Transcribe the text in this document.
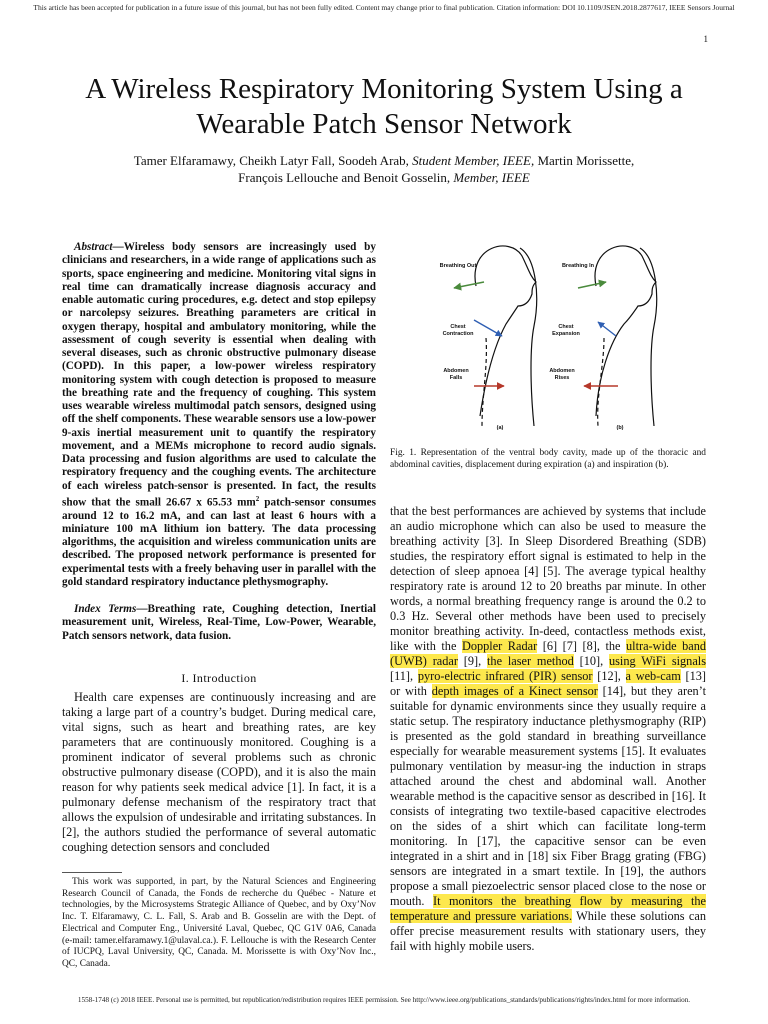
This article has been accepted for publication in a future issue of this journal, but has not been fully edited. Content may change prior to final publication. Citation information: DOI 10.1109/JSEN.2018.2877617, IEEE Sensors Journal
1
A Wireless Respiratory Monitoring System Using a Wearable Patch Sensor Network
Tamer Elfaramawy, Cheikh Latyr Fall, Soodeh Arab, Student Member, IEEE, Martin Morissette,
François Lellouche and Benoit Gosselin, Member, IEEE

Abstract—Wireless body sensors are increasingly used by clinicians and researchers, in a wide range of applications such as sports, space engineering and medicine. Monitoring vital signs in real time can dramatically increase diagnosis accuracy and enable automatic curing procedures, e.g. detect and stop epilepsy or narcolepsy seizures. Breathing parameters are critical in oxygen therapy, hospital and ambulatory monitoring, while the assessment of cough severity is essential when dealing with several diseases, such as chronic obstructive pulmonary disease (COPD). In this paper, a low-power wireless respiratory monitoring system with cough detection is proposed to measure the breathing rate and the frequency of coughing. This system uses wearable wireless multimodal patch sensors, designed using off the shelf components. These wearable sensors use a low-power 9-axis inertial measurement unit to quantify the respiratory movement, and a MEMs microphone to record audio signals. Data processing and fusion algorithms are used to calculate the respiratory frequency and the coughing events. The architecture of each wireless patch-sensor is presented. In fact, the results show that the small 26.67 x 65.53 $mm^2$ patch-sensor consumes around 12 to 16.2 mA, and can last at least 6 hours with a miniature 100 mA lithium ion battery. The data processing algorithms, the acquisition and wireless communication units are described. The proposed network performance is presented for experimental tests with a freely behaving user in parallel with the gold standard respiratory inductance plethysmography.

Index Terms—Breathing rate, Coughing detection, Inertial measurement unit, Wireless, Real-Time, Low-Power, Wearable, Patch sensors network, data fusion.

I. Introduction

Health care expenses are continuously increasing and are taking a large part of a country’s budget. During medical care, vital signs, such as heart and breathing rates, are key parameters that are continuously monitored. Coughing is a prominent indicator of several problems such as chronic obstructive pulmonary disease (COPD), and it is also the main reason for why patients seek medical advice [1]. In fact, it is a pulmonary defense mechanism of the respiratory tract that allows the expulsion of undesirable and irritating substances. In [2], the authors studied the performance of several automatic coughing detection sensors and concluded

This work was supported, in part, by the Natural Sciences and Engineering Research Council of Canada, the Fonds de recherche du Québec - Nature et technologies, by the Microsystems Strategic Alliance of Quebec, and by Oxy’Nov Inc. T. Elfaramawy, C. L. Fall, S. Arab and B. Gosselin are with the Dept. of Electrical and Computer Eng., Université Laval, Quebec, QC G1V 0A6, Canada (e-mail: tamer.elfaramawy.1@ulaval.ca.). F. Lellouche is with the Research Center of IUCPQ, Laval University, QC, Canada. M. Morissette is with Oxy’Nov Inc., QC, Canada.
Breathing Out	Breathing In
Chest
Contraction
Chest
Expansion
Abdomen
Falls
Abdomen
Rises
(a)	(b)
Fig. 1. Representation of the ventral body cavity, made up of the thoracic and abdominal cavities, displacement during expiration (a) and inspiration (b).

that the best performances are achieved by systems that include an audio microphone which can also be used to measure the breathing activity [3]. In Sleep Disordered Breathing (SDB) studies, the respiratory effort signal is estimated to help in the detection of sleep apnoea [4] [5]. The average typical healthy respiratory rate is around 12 to 20 breaths par minute. In other words, a normal breathing frequency range is around the 0.2 to 0.3 Hz. Several other methods have been used to precisely monitor breathing activity. In-deed, contactless methods exist, like with the Doppler Radar [6] [7] [8], the ultra-wide band (UWB) radar [9], the laser method [10], using WiFi signals [11], pyro-electric infrared (PIR) sensor [12], a web-cam [13] or with depth images of a Kinect sensor [14], but they aren’t suitable for dynamic environments since they usually require a static setup. The respiratory inductance plethysmography (RIP) is presented as the gold standard in breathing surveillance especially for wearable measurement systems [15]. It evaluates pulmonary ventilation by measur-ing the induction in straps attached around the chest and abdominal wall. Another wearable method is the capacitive sensor as described in [16]. It consists of integrating two textile-based capacitive electrodes on the sides of a shirt which can facilitate long-term monitoring. In [17], the capacitive sensor can be even integrated in a shirt and in [18] six Fiber Bragg grating (FBG) sensors are integrated in a smart textile. In [19], the authors propose a small piezoelectric sensor placed close to the nose or mouth. It monitors the breathing flow by measuring the temperature and pressure variations. While these solutions can offer precise measurement results with stationary users, they fail with highly mobile users.

1558-1748 (c) 2018 IEEE. Personal use is permitted, but republication/redistribution requires IEEE permission. See http://www.ieee.org/publications_standards/publications/rights/index.html for more information.
